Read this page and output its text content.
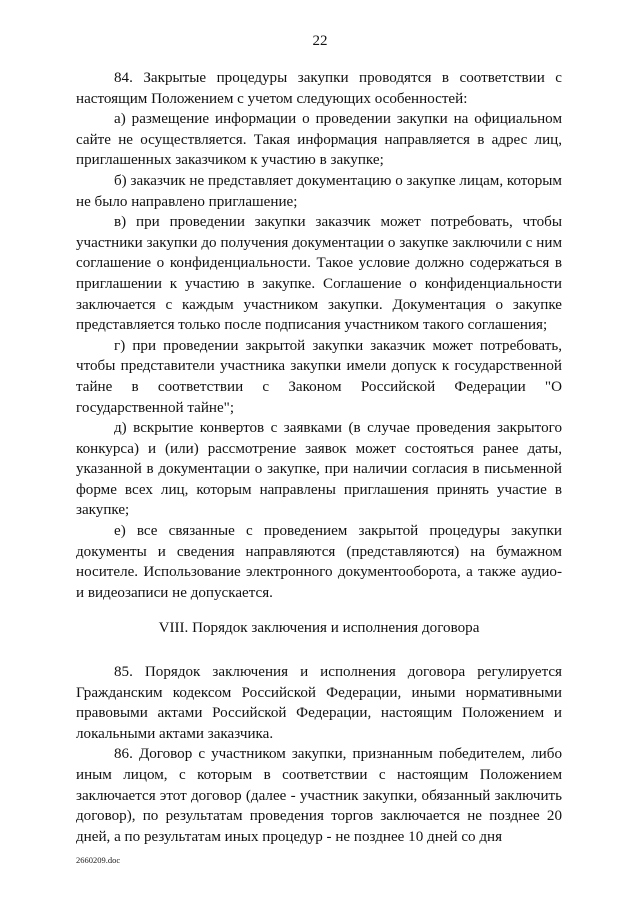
22

84. Закрытые процедуры закупки проводятся в соответствии с настоящим Положением с учетом следующих особенностей:

а) размещение информации о проведении закупки на официальном сайте не осуществляется. Такая информация направляется в адрес лиц, приглашенных заказчиком к участию в закупке;

б) заказчик не представляет документацию о закупке лицам, которым не было направлено приглашение;

в) при проведении закупки заказчик может потребовать, чтобы участники закупки до получения документации о закупке заключили с ним соглашение о конфиденциальности. Такое условие должно содержаться в приглашении к участию в закупке. Соглашение о конфиденциальности заключается с каждым участником закупки. Документация о закупке представляется только после подписания участником такого соглашения;

г) при проведении закрытой закупки заказчик может потребовать, чтобы представители участника закупки имели допуск к государственной тайне в соответствии с Законом Российской Федерации "О государственной тайне";

д) вскрытие конвертов с заявками (в случае проведения закрытого конкурса) и (или) рассмотрение заявок может состояться ранее даты, указанной в документации о закупке, при наличии согласия в письменной форме всех лиц, которым направлены приглашения принять участие в закупке;

е) все связанные с проведением закрытой процедуры закупки документы и сведения направляются (представляются) на бумажном носителе. Использование электронного документооборота, а также аудио- и видеозаписи не допускается.

VIII. Порядок заключения и исполнения договора

85. Порядок заключения и исполнения договора регулируется Гражданским кодексом Российской Федерации, иными нормативными правовыми актами Российской Федерации, настоящим Положением и локальными актами заказчика.

86. Договор с участником закупки, признанным победителем, либо иным лицом, с которым в соответствии с настоящим Положением заключается этот договор (далее - участник закупки, обязанный заключить договор), по результатам проведения торгов заключается не позднее 20 дней, а по результатам иных процедур - не позднее 10 дней со дня

2660209.doc
